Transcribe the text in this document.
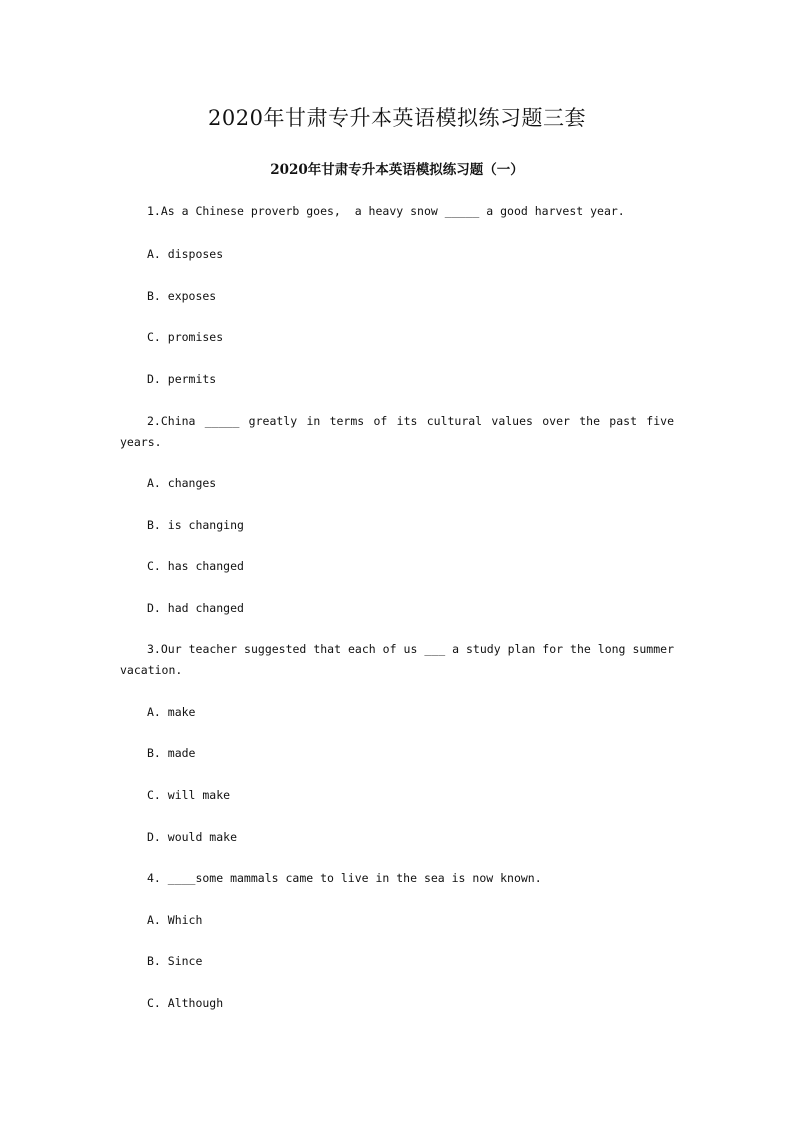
2020年甘肃专升本英语模拟练习题三套
2020年甘肃专升本英语模拟练习题（一）

1.As a Chinese proverb goes,  a heavy snow _____ a good harvest year.

A. disposes

B. exposes

C. promises

D. permits

2.China _____ greatly in terms of its cultural values over the past five years.

A. changes

B. is changing

C. has changed

D. had changed

3.Our teacher suggested that each of us ___ a study plan for the long summer vacation.

A. make

B. made

C. will make

D. would make

4. ____some mammals came to live in the sea is now known.

A. Which

B. Since

C. Although
